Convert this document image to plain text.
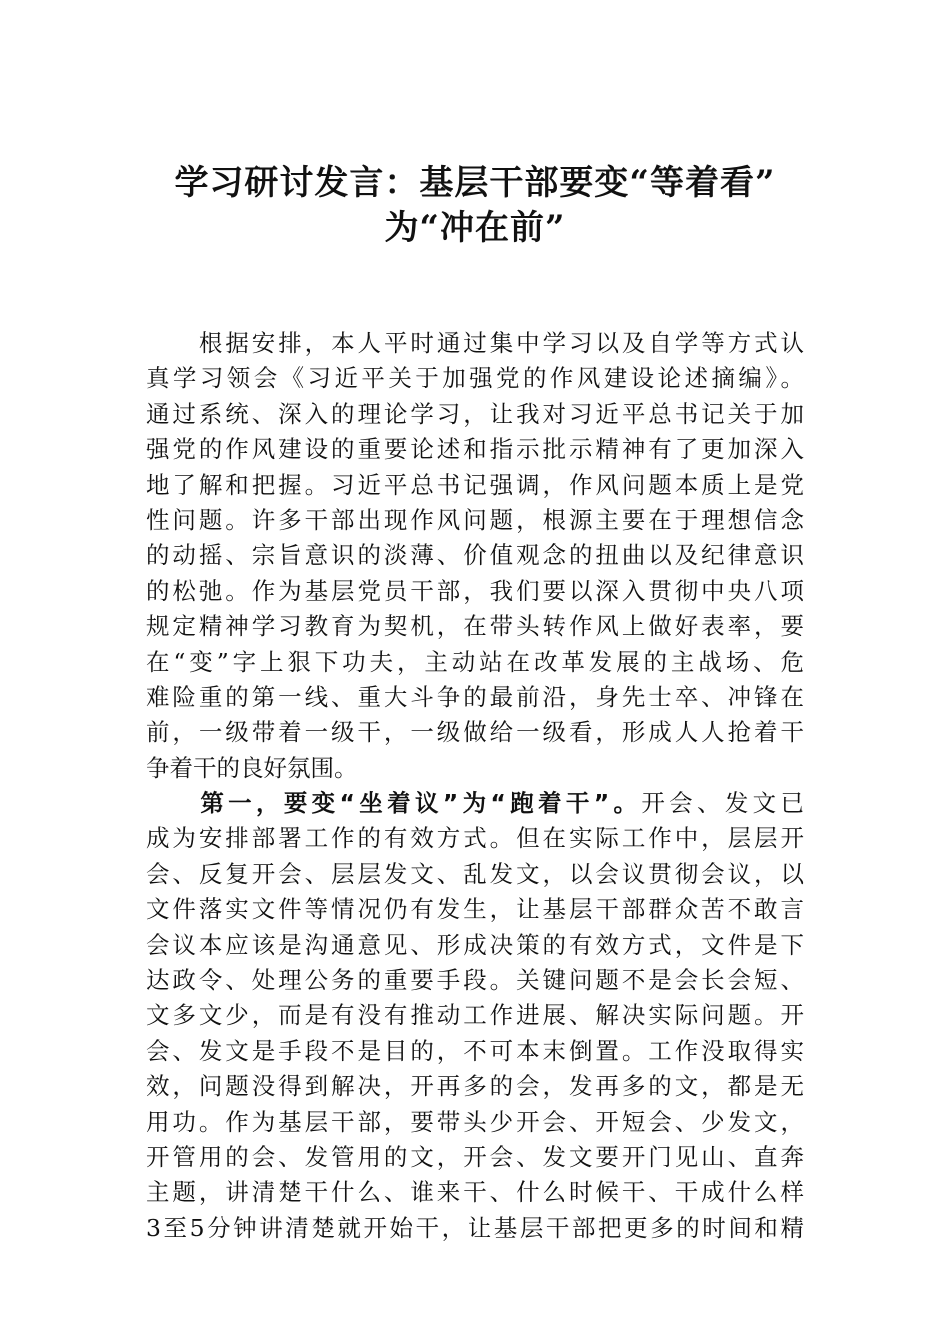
学习研讨发言：基层干部要变“等着看”
为“冲在前”
根据安排，本人平时通过集中学习以及自学等方式认
真学习领会《习近平关于加强党的作风建设论述摘编》。
通过系统、深入的理论学习，让我对习近平总书记关于加
强党的作风建设的重要论述和指示批示精神有了更加深入
地了解和把握。习近平总书记强调，作风问题本质上是党
性问题。许多干部出现作风问题，根源主要在于理想信念
的动摇、宗旨意识的淡薄、价值观念的扭曲以及纪律意识
的松弛。作为基层党员干部，我们要以深入贯彻中央八项
规定精神学习教育为契机，在带头转作风上做好表率，要
在“变”字上狠下功夫，主动站在改革发展的主战场、危
难险重的第一线、重大斗争的最前沿，身先士卒、冲锋在
前，一级带着一级干，一级做给一级看，形成人人抢着干
争着干的良好氛围。
第一，要变“坐着议”为“跑着干”。开会、发文已
成为安排部署工作的有效方式。但在实际工作中，层层开
会、反复开会、层层发文、乱发文，以会议贯彻会议，以
文件落实文件等情况仍有发生，让基层干部群众苦不敢言
会议本应该是沟通意见、形成决策的有效方式，文件是下
达政令、处理公务的重要手段。关键问题不是会长会短、
文多文少，而是有没有推动工作进展、解决实际问题。开
会、发文是手段不是目的，不可本末倒置。工作没取得实
效，问题没得到解决，开再多的会，发再多的文，都是无
用功。作为基层干部，要带头少开会、开短会、少发文，
开管用的会、发管用的文，开会、发文要开门见山、直奔
主题，讲清楚干什么、谁来干、什么时候干、干成什么样
3至5分钟讲清楚就开始干，让基层干部把更多的时间和精
